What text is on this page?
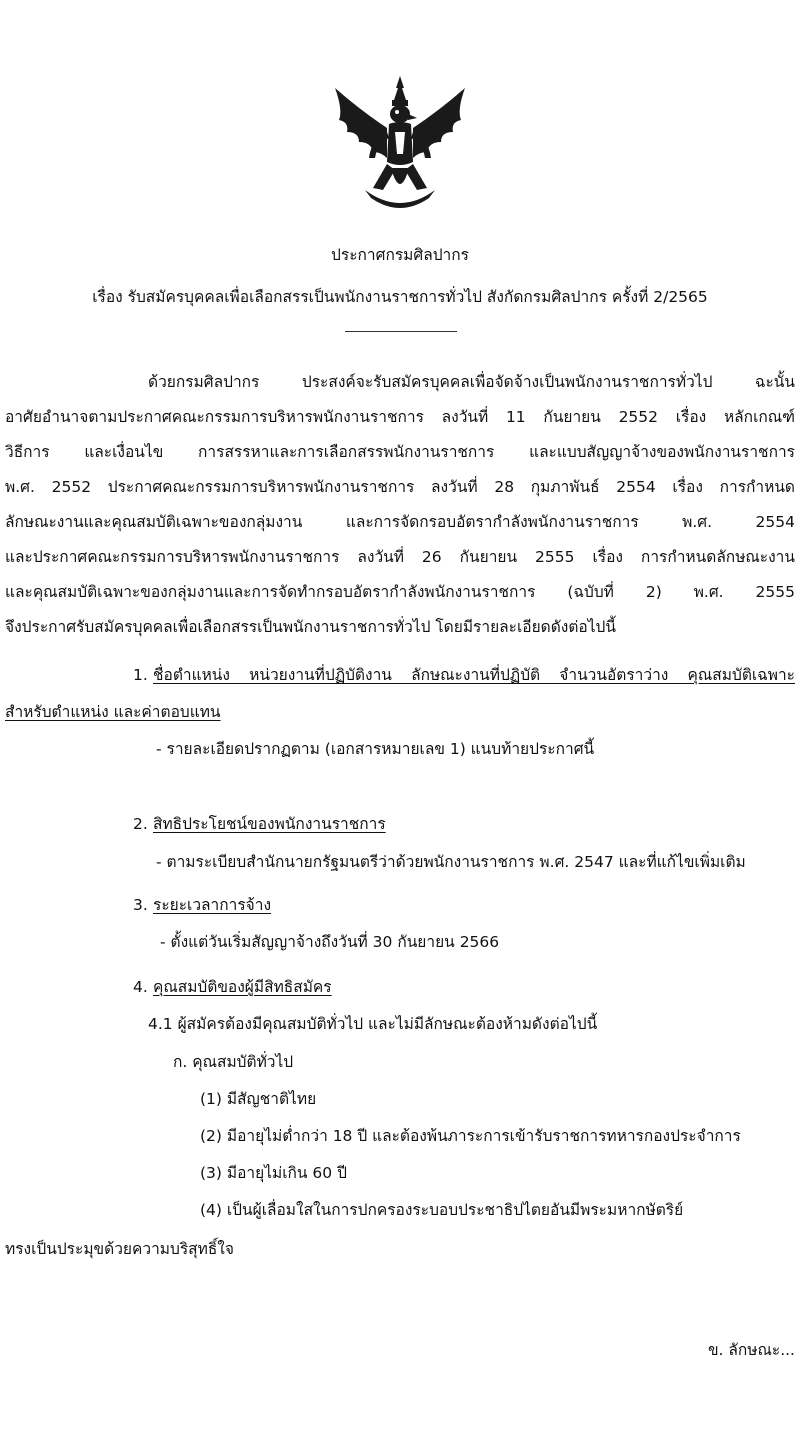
ประกาศกรมศิลปากร
เรื่อง รับสมัครบุคคลเพื่อเลือกสรรเป็นพนักงานราชการทั่วไป สังกัดกรมศิลปากร ครั้งที่ 2/2565
ด้วยกรมศิลปากร ประสงค์จะรับสมัครบุคคลเพื่อจัดจ้างเป็นพนักงานราชการทั่วไป ฉะนั้น
อาศัยอำนาจตามประกาศคณะกรรมการบริหารพนักงานราชการ ลงวันที่ 11 กันยายน 2552 เรื่อง หลักเกณฑ์
วิธีการ และเงื่อนไข การสรรหาและการเลือกสรรพนักงานราชการ และแบบสัญญาจ้างของพนักงานราชการ
พ.ศ. 2552 ประกาศคณะกรรมการบริหารพนักงานราชการ ลงวันที่ 28 กุมภาพันธ์ 2554 เรื่อง การกำหนด
ลักษณะงานและคุณสมบัติเฉพาะของกลุ่มงาน และการจัดกรอบอัตรากำลังพนักงานราชการ พ.ศ. 2554
และประกาศคณะกรรมการบริหารพนักงานราชการ ลงวันที่ 26 กันยายน 2555 เรื่อง การกำหนดลักษณะงาน
และคุณสมบัติเฉพาะของกลุ่มงานและการจัดทำกรอบอัตรากำลังพนักงานราชการ (ฉบับที่ 2) พ.ศ. 2555
จึงประกาศรับสมัครบุคคลเพื่อเลือกสรรเป็นพนักงานราชการทั่วไป โดยมีรายละเอียดดังต่อไปนี้
1. ชื่อตำแหน่ง หน่วยงานที่ปฏิบัติงาน ลักษณะงานที่ปฏิบัติ จำนวนอัตราว่าง คุณสมบัติเฉพาะ
สำหรับตำแหน่ง และค่าตอบแทน
- รายละเอียดปรากฏตาม (เอกสารหมายเลข 1) แนบท้ายประกาศนี้
2. สิทธิประโยชน์ของพนักงานราชการ
- ตามระเบียบสำนักนายกรัฐมนตรีว่าด้วยพนักงานราชการ พ.ศ. 2547 และที่แก้ไขเพิ่มเติม
3. ระยะเวลาการจ้าง
- ตั้งแต่วันเริ่มสัญญาจ้างถึงวันที่ 30 กันยายน 2566
4. คุณสมบัติของผู้มีสิทธิสมัคร
4.1 ผู้สมัครต้องมีคุณสมบัติทั่วไป และไม่มีลักษณะต้องห้ามดังต่อไปนี้
ก. คุณสมบัติทั่วไป
(1) มีสัญชาติไทย
(2) มีอายุไม่ต่ำกว่า 18 ปี และต้องพ้นภาระการเข้ารับราชการทหารกองประจำการ
(3) มีอายุไม่เกิน 60 ปี
(4) เป็นผู้เลื่อมใสในการปกครองระบอบประชาธิปไตยอันมีพระมหากษัตริย์
ทรงเป็นประมุขด้วยความบริสุทธิ์ใจ
ข. ลักษณะ...
